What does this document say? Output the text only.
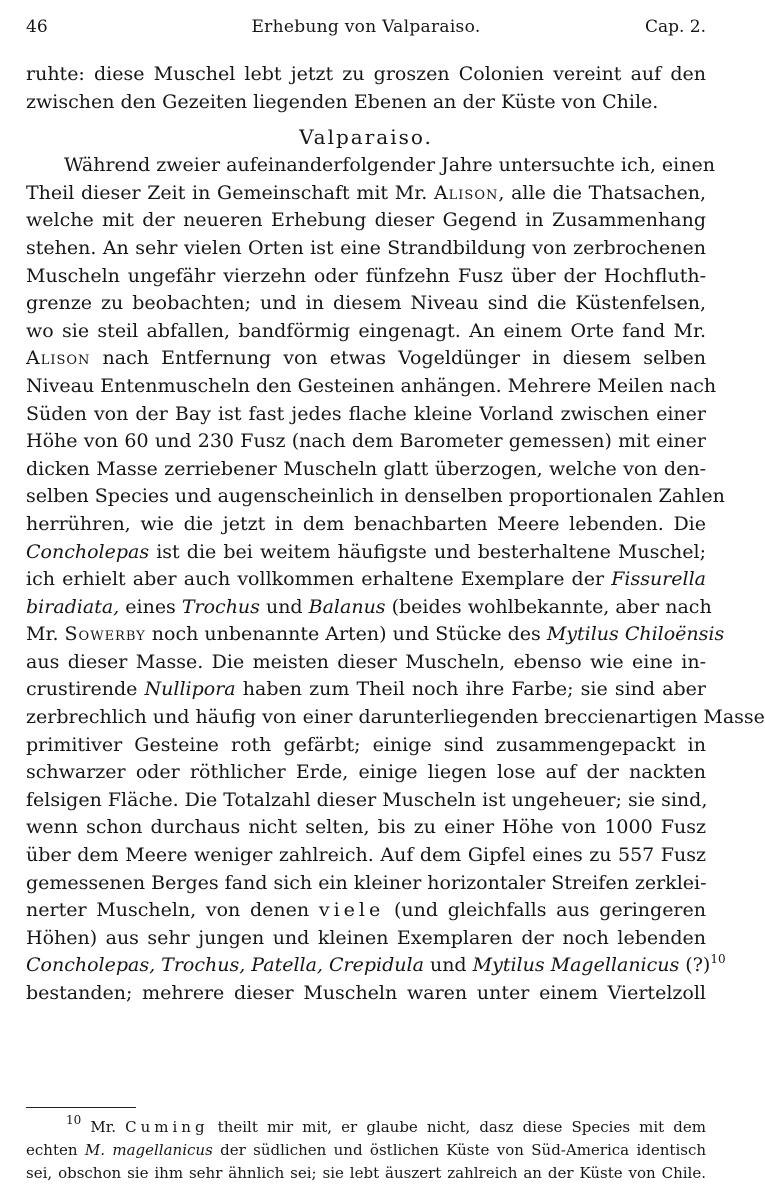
46	Erhebung von Valparaiso.	Cap. 2.
ruhte: diese Muschel lebt jetzt zu groszen Colonien vereint auf den
zwischen den Gezeiten liegenden Ebenen an der Küste von Chile.
Valparaiso.
Während zweier aufeinanderfolgender Jahre untersuchte ich, einen
Theil dieser Zeit in Gemeinschaft mit Mr. Alison, alle die Thatsachen,
welche mit der neueren Erhebung dieser Gegend in Zusammenhang
stehen. An sehr vielen Orten ist eine Strandbildung von zerbrochenen
Muscheln ungefähr vierzehn oder fünfzehn Fusz über der Hochfluth-
grenze zu beobachten; und in diesem Niveau sind die Küstenfelsen,
wo sie steil abfallen, bandförmig eingenagt. An einem Orte fand Mr.
Alison nach Entfernung von etwas Vogeldünger in diesem selben
Niveau Entenmuscheln den Gesteinen anhängen. Mehrere Meilen nach
Süden von der Bay ist fast jedes flache kleine Vorland zwischen einer
Höhe von 60 und 230 Fusz (nach dem Barometer gemessen) mit einer
dicken Masse zerriebener Muscheln glatt überzogen, welche von den-
selben Species und augenscheinlich in denselben proportionalen Zahlen
herrühren, wie die jetzt in dem benachbarten Meere lebenden. Die
Concholepas ist die bei weitem häufigste und besterhaltene Muschel;
ich erhielt aber auch vollkommen erhaltene Exemplare der Fissurella
biradiata, eines Trochus und Balanus (beides wohlbekannte, aber nach
Mr. Sowerby noch unbenannte Arten) und Stücke des Mytilus Chiloënsis
aus dieser Masse. Die meisten dieser Muscheln, ebenso wie eine in-
crustirende Nullipora haben zum Theil noch ihre Farbe; sie sind aber
zerbrechlich und häufig von einer darunterliegenden breccienartigen Masse
primitiver Gesteine roth gefärbt; einige sind zusammengepackt in
schwarzer oder röthlicher Erde, einige liegen lose auf der nackten
felsigen Fläche. Die Totalzahl dieser Muscheln ist ungeheuer; sie sind,
wenn schon durchaus nicht selten, bis zu einer Höhe von 1000 Fusz
über dem Meere weniger zahlreich. Auf dem Gipfel eines zu 557 Fusz
gemessenen Berges fand sich ein kleiner horizontaler Streifen zerklei-
nerter Muscheln, von denen viele (und gleichfalls aus geringeren
Höhen) aus sehr jungen und kleinen Exemplaren der noch lebenden
Concholepas, Trochus, Patella, Crepidula und Mytilus Magellanicus (?)$^{10}$
bestanden; mehrere dieser Muscheln waren unter einem Viertelzoll
$^{10}$ Mr. Cuming theilt mir mit, er glaube nicht, dasz diese Species mit dem
echten M. magellanicus der südlichen und östlichen Küste von Süd-America identisch
sei, obschon sie ihm sehr ähnlich sei; sie lebt äuszert zahlreich an der Küste von Chile.
